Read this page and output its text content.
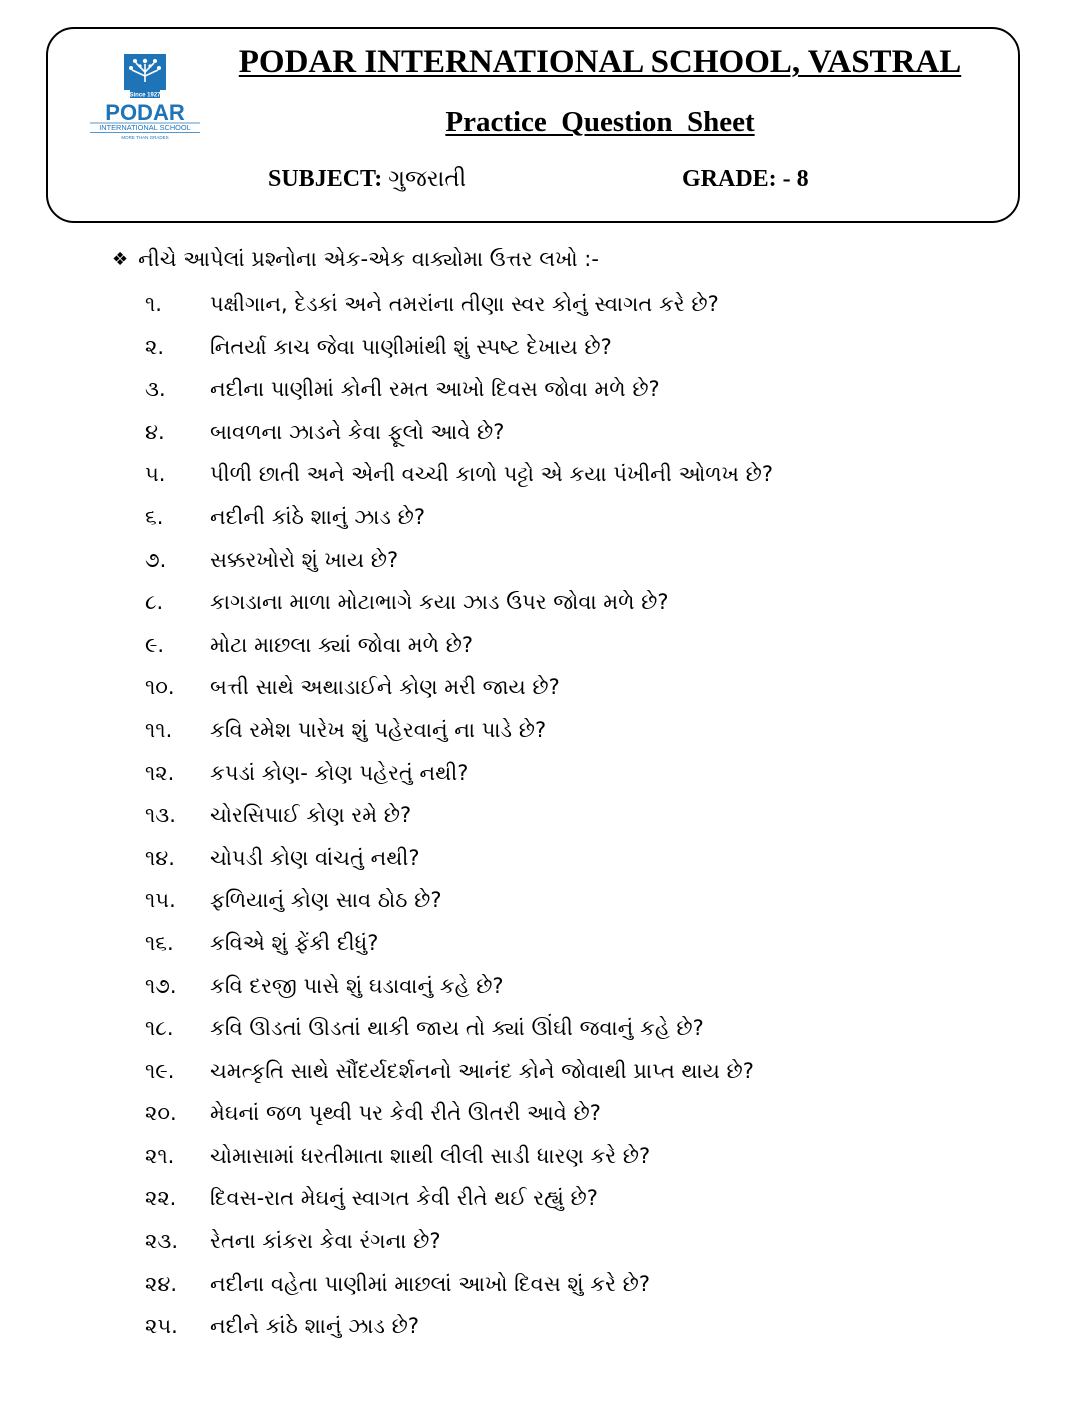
Since 1927
PODAR
INTERNATIONAL SCHOOL
MORE THAN GRADES
PODAR INTERNATIONAL SCHOOL, VASTRAL
Practice  Question  Sheet
SUBJECT: ગુજરાતી	GRADE: - 8
❖ નીચે આપેલાં પ્રશ્નોના એક-એક વાક્યોમા ઉત્તર લખો :-
૧. પક્ષીગાન, દેડકાં અને તમરાંના તીણા સ્વર કોનું સ્વાગત કરે છે?
૨. નિતર્યા કાચ જેવા પાણીમાંથી શું સ્પષ્ટ દેખાય છે?
૩. નદીના પાણીમાં કોની રમત આખો દિવસ જોવા મળે છે?
૪. બાવળના ઝાડને કેવા ફૂલો આવે છે?
૫. પીળી છાતી અને એની વચ્ચી કાળો પટ્ટો એ કયા પંખીની ઓળખ છે?
૬. નદીની કાંઠે શાનું ઝાડ છે?
૭. સક્કરખોરો શું ખાય છે?
૮. કાગડાના માળા મોટાભાગે કયા ઝાડ ઉપર જોવા મળે છે?
૯. મોટા માછલા ક્યાં જોવા મળે છે?
૧૦. બત્તી સાથે અથાડાઈને કોણ મરી જાય છે?
૧૧. કવિ રમેશ પારેખ શું પહેરવાનું ના પાડે છે?
૧૨. કપડાં કોણ- કોણ પહેરતું નથી?
૧૩. ચોરસિપાઈ કોણ રમે છે?
૧૪. ચોપડી કોણ વાંચતું નથી?
૧૫. ફળિયાનું કોણ સાવ ઠોઠ છે?
૧૬. કવિએ શું ફેંકી દીધું?
૧૭. કવિ દરજી પાસે શું ઘડાવાનું કહે છે?
૧૮. કવિ ઊડતાં ઊડતાં થાકી જાય તો ક્યાં ઊંઘી જવાનું કહે છે?
૧૯. ચમત્કૃતિ સાથે સૌંદર્યદર્શનનો આનંદ કોને જોવાથી પ્રાપ્ત થાય છે?
૨૦. મેઘનાં જળ પૃથ્વી પર કેવી રીતે ઊતરી આવે છે?
૨૧. ચોમાસામાં ધરતીમાતા શાથી લીલી સાડી ધારણ કરે છે?
૨૨. દિવસ-રાત મેઘનું સ્વાગત કેવી રીતે થઈ રહ્યું છે?
૨૩. રેતના કાંકરા કેવા રંગના છે?
૨૪. નદીના વહેતા પાણીમાં માછલાં આખો દિવસ શું કરે છે?
૨૫. નદીને કાંઠે શાનું ઝાડ છે?
